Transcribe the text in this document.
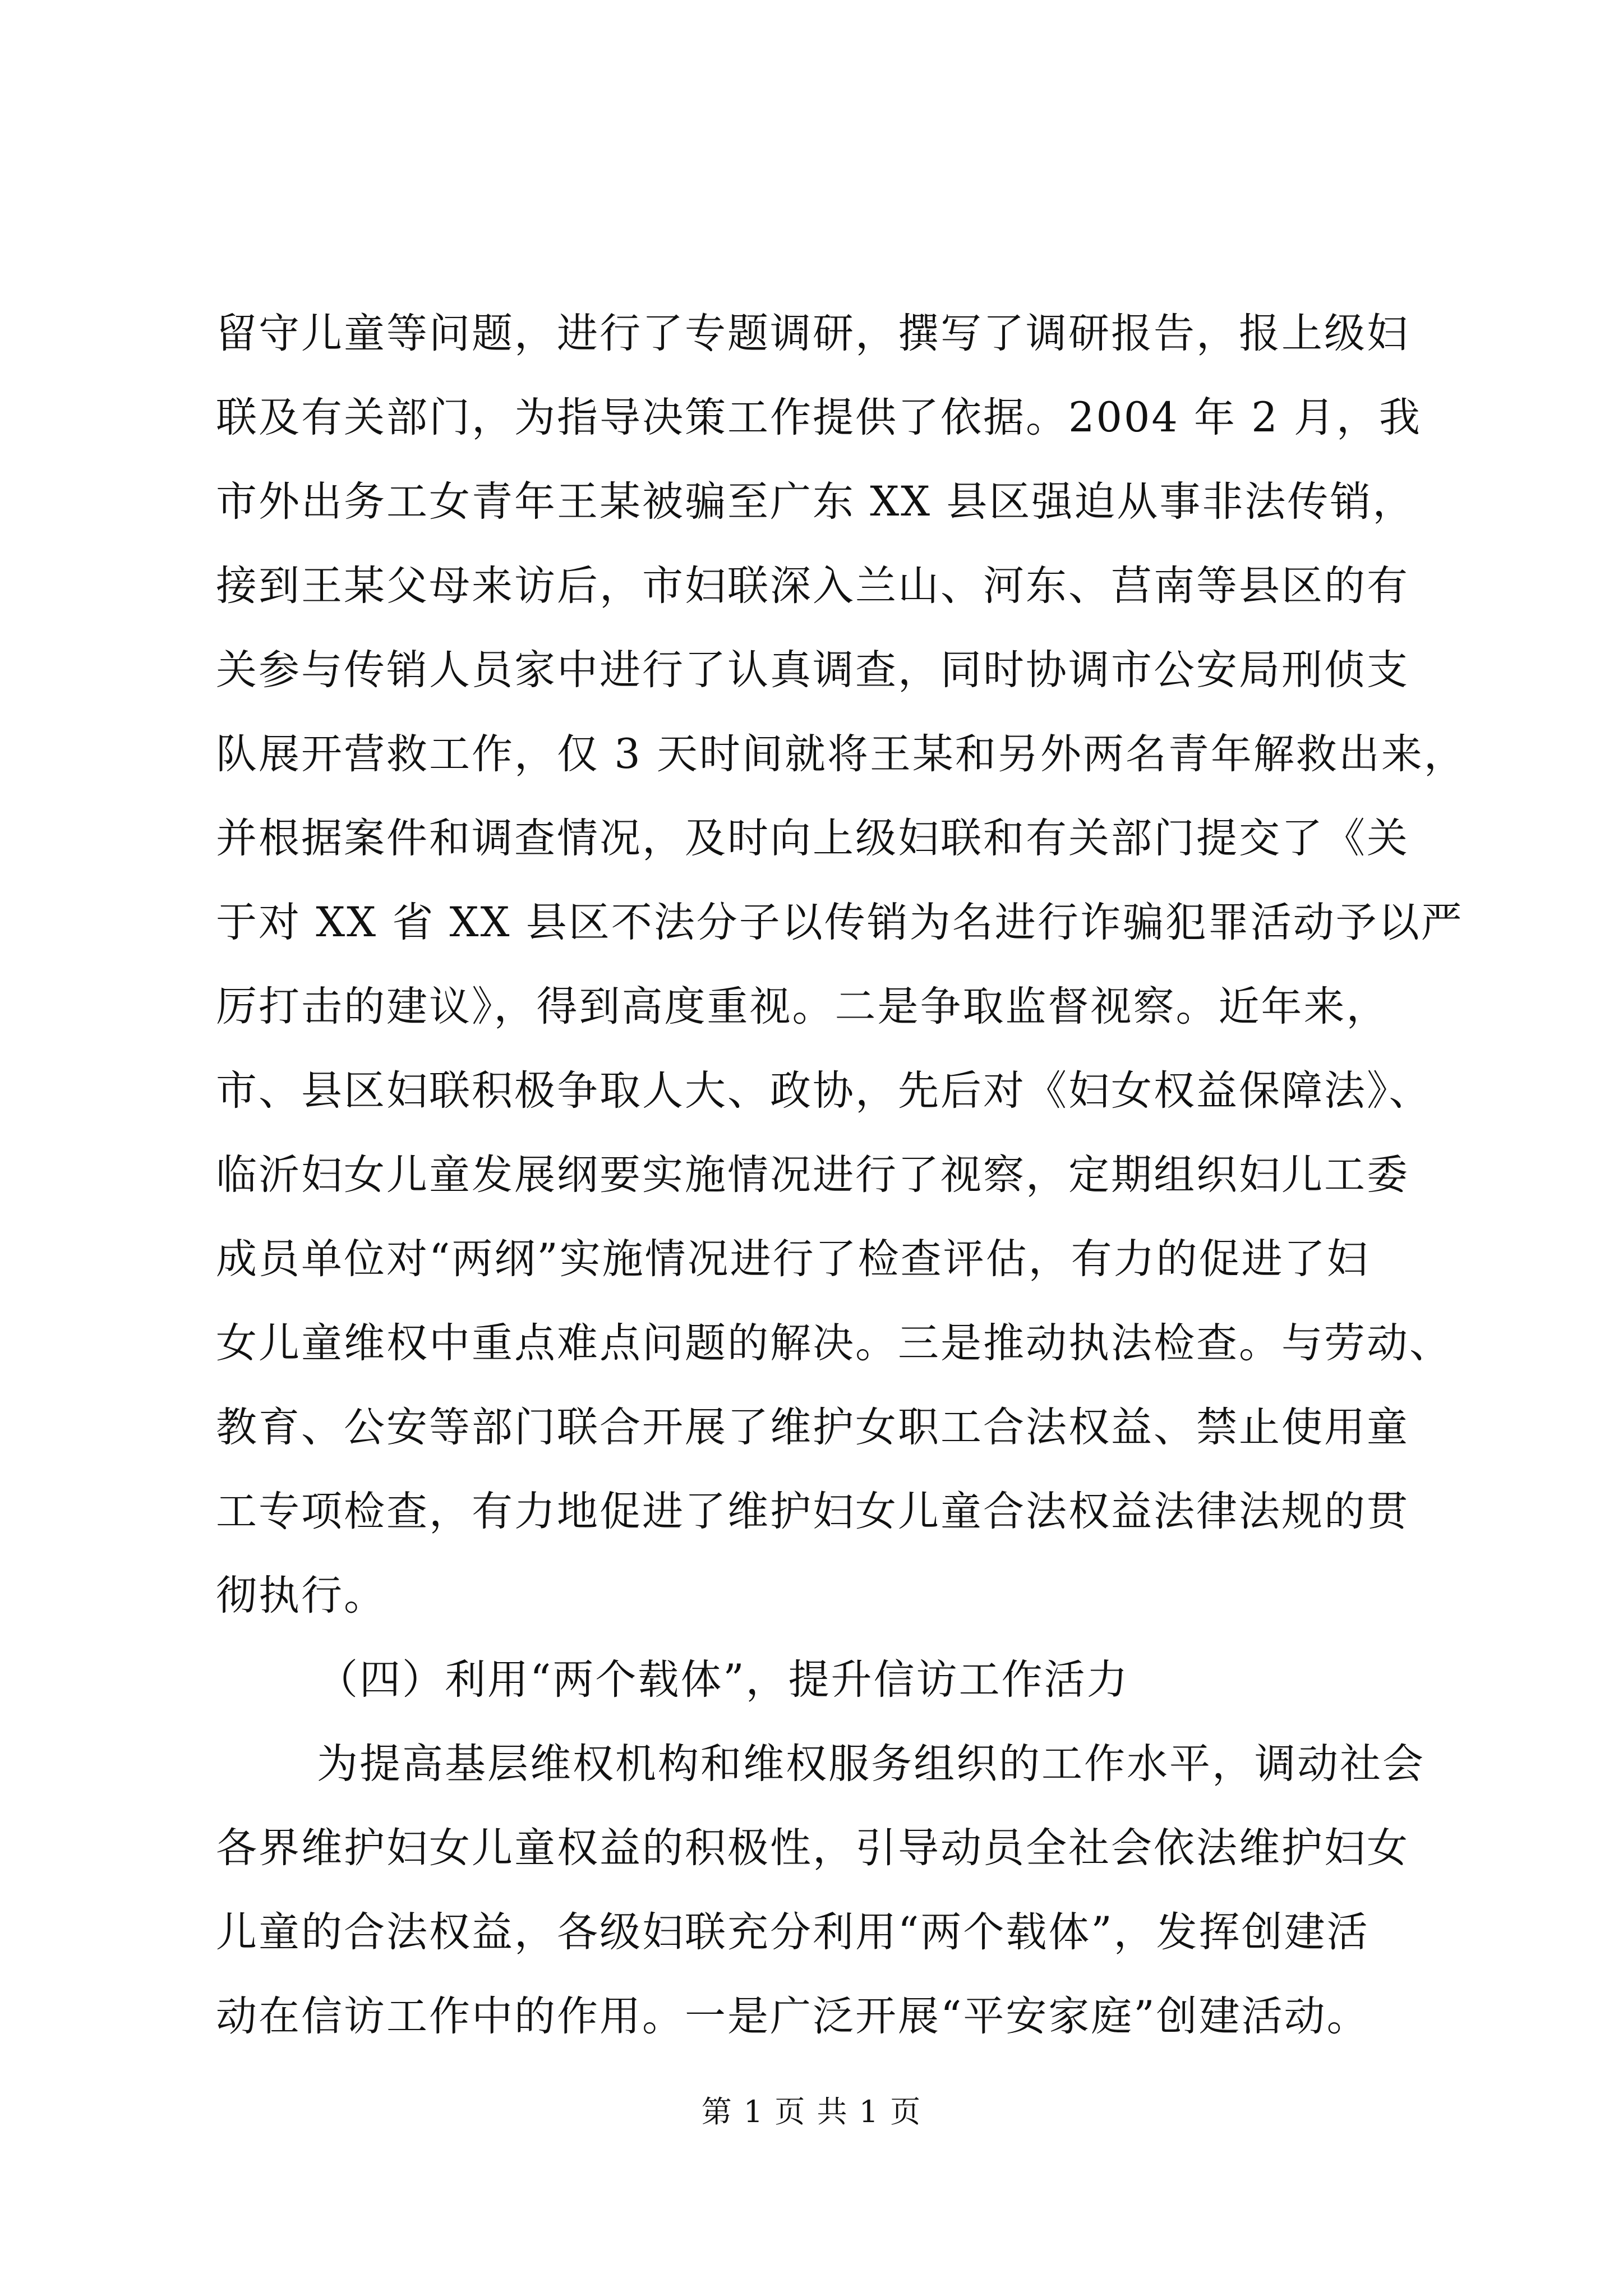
留守儿童等问题，进行了专题调研，撰写了调研报告，报上级妇
联及有关部门，为指导决策工作提供了依据。2004 年 2 月，我
市外出务工女青年王某被骗至广东 XX 县区强迫从事非法传销，
接到王某父母来访后，市妇联深入兰山、河东、莒南等县区的有
关参与传销人员家中进行了认真调查，同时协调市公安局刑侦支
队展开营救工作，仅 3 天时间就将王某和另外两名青年解救出来，
并根据案件和调查情况，及时向上级妇联和有关部门提交了《关
于对 XX 省 XX 县区不法分子以传销为名进行诈骗犯罪活动予以严
厉打击的建议》，得到高度重视。二是争取监督视察。近年来，
市、县区妇联积极争取人大、政协，先后对《妇女权益保障法》、
临沂妇女儿童发展纲要实施情况进行了视察，定期组织妇儿工委
成员单位对“两纲”实施情况进行了检查评估，有力的促进了妇
女儿童维权中重点难点问题的解决。三是推动执法检查。与劳动、
教育、公安等部门联合开展了维护女职工合法权益、禁止使用童
工专项检查，有力地促进了维护妇女儿童合法权益法律法规的贯
彻执行。
（四）利用“两个载体”，提升信访工作活力
为提高基层维权机构和维权服务组织的工作水平，调动社会
各界维护妇女儿童权益的积极性，引导动员全社会依法维护妇女
儿童的合法权益，各级妇联充分利用“两个载体”，发挥创建活
动在信访工作中的作用。一是广泛开展“平安家庭”创建活动。
第 1 页 共 1 页
